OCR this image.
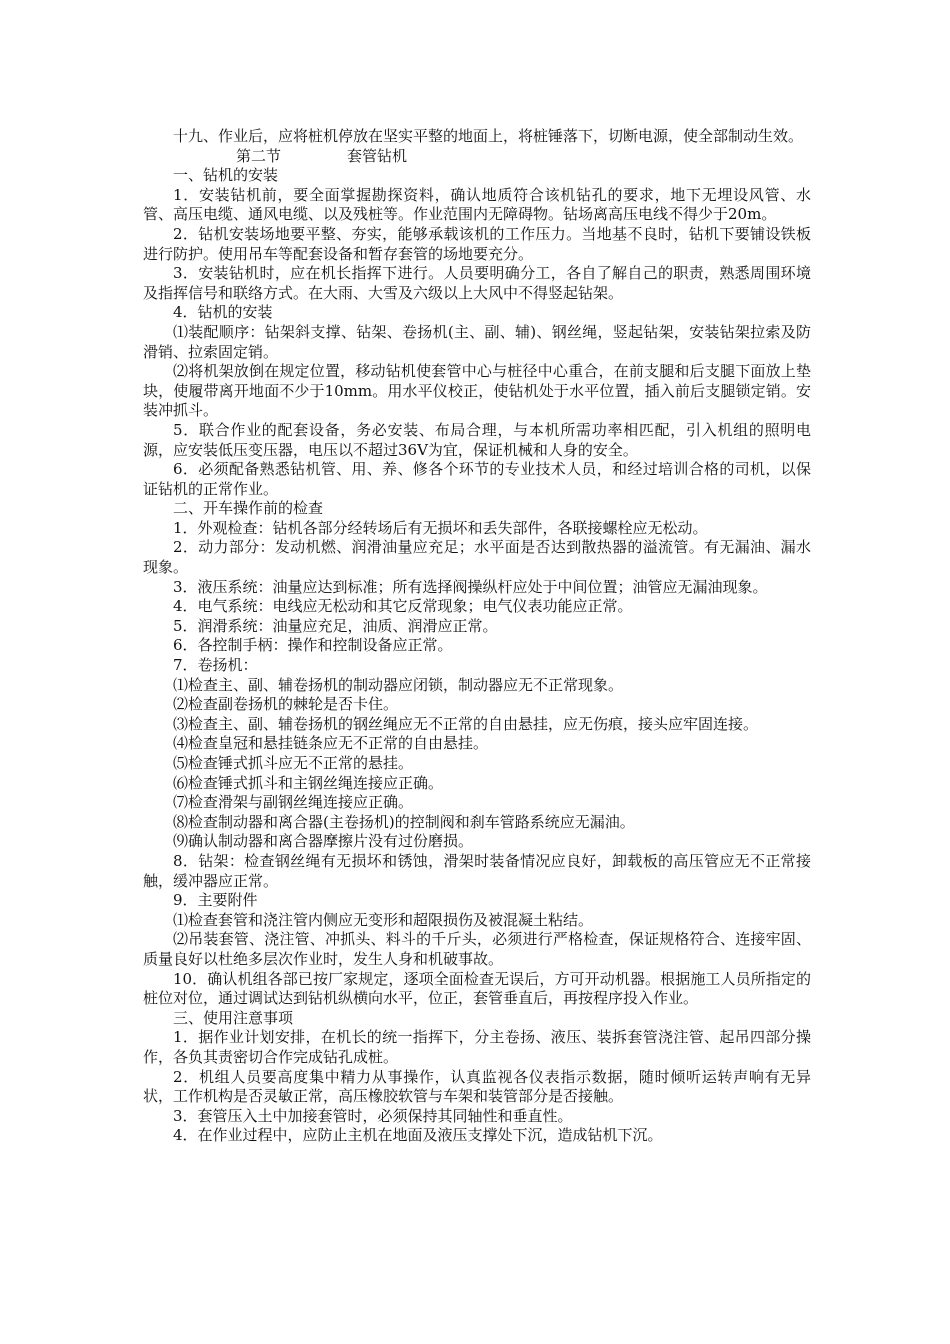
十九、作业后，应将桩机停放在坚实平整的地面上，将桩锤落下，切断电源，使全部制动生效。

第二节	套管钻机

一、钻机的安装

1．安装钻机前，要全面掌握勘探资料，确认地质符合该机钻孔的要求，地下无埋设风管、水管、高压电缆、通风电缆、以及残桩等。作业范围内无障碍物。钻场离高压电线不得少于20m。

2．钻机安装场地要平整、夯实，能够承载该机的工作压力。当地基不良时，钻机下要铺设铁板进行防护。使用吊车等配套设备和暂存套管的场地要充分。

3．安装钻机时，应在机长指挥下进行。人员要明确分工，各自了解自己的职责，熟悉周围环境及指挥信号和联络方式。在大雨、大雪及六级以上大风中不得竖起钻架。

4．钻机的安装

⑴装配顺序：钻架斜支撑、钻架、卷扬机(主、副、辅)、钢丝绳，竖起钻架，安装钻架拉索及防滑销、拉索固定销。

⑵将机架放倒在规定位置，移动钻机使套管中心与桩径中心重合，在前支腿和后支腿下面放上垫块，使履带离开地面不少于10mm。用水平仪校正，使钻机处于水平位置，插入前后支腿锁定销。安装冲抓斗。

5．联合作业的配套设备，务必安装、布局合理，与本机所需功率相匹配，引入机组的照明电源，应安装低压变压器，电压以不超过36V为宜，保证机械和人身的安全。

6．必须配备熟悉钻机管、用、养、修各个环节的专业技术人员，和经过培训合格的司机，以保证钻机的正常作业。

二、开车操作前的检查

1．外观检查：钻机各部分经转场后有无损坏和丢失部件，各联接螺栓应无松动。

2．动力部分：发动机燃、润滑油量应充足；水平面是否达到散热器的溢流管。有无漏油、漏水现象。

3．液压系统：油量应达到标准；所有选择阀操纵杆应处于中间位置；油管应无漏油现象。

4．电气系统：电线应无松动和其它反常现象；电气仪表功能应正常。

5．润滑系统：油量应充足，油质、润滑应正常。

6．各控制手柄：操作和控制设备应正常。

7．卷扬机：

⑴检查主、副、辅卷扬机的制动器应闭锁，制动器应无不正常现象。

⑵检查副卷扬机的棘轮是否卡住。

⑶检查主、副、辅卷扬机的钢丝绳应无不正常的自由悬挂，应无伤痕，接头应牢固连接。

⑷检查皇冠和悬挂链条应无不正常的自由悬挂。

⑸检查锤式抓斗应无不正常的悬挂。

⑹检查锤式抓斗和主钢丝绳连接应正确。

⑺检查滑架与副钢丝绳连接应正确。

⑻检查制动器和离合器(主卷扬机)的控制阀和刹车管路系统应无漏油。

⑼确认制动器和离合器摩擦片没有过份磨损。

8．钻架：检查钢丝绳有无损坏和锈蚀，滑架时装备情况应良好，卸载板的高压管应无不正常接触，缓冲器应正常。

9．主要附件

⑴检查套管和浇注管内侧应无变形和超限损伤及被混凝土粘结。

⑵吊装套管、浇注管、冲抓头、料斗的千斤头，必须进行严格检查，保证规格符合、连接牢固、质量良好以杜绝多层次作业时，发生人身和机破事故。

10．确认机组各部已按厂家规定，逐项全面检查无误后，方可开动机器。根据施工人员所指定的桩位对位，通过调试达到钻机纵横向水平，位正，套管垂直后，再按程序投入作业。

三、使用注意事项

1．据作业计划安排，在机长的统一指挥下，分主卷扬、液压、装拆套管浇注管、起吊四部分操作，各负其责密切合作完成钻孔成桩。

2．机组人员要高度集中精力从事操作，认真监视各仪表指示数据，随时倾听运转声响有无异状，工作机构是否灵敏正常，高压橡胶软管与车架和装管部分是否接触。

3．套管压入土中加接套管时，必须保持其同轴性和垂直性。

4．在作业过程中，应防止主机在地面及液压支撑处下沉，造成钻机下沉。
